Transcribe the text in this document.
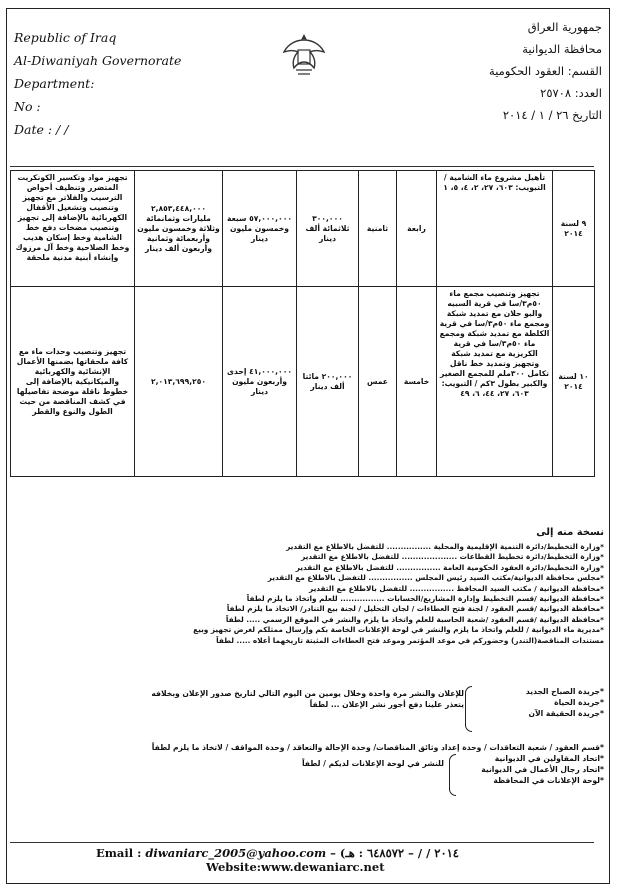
Republic of Iraq
Al-Diwaniyah Governorate
Department:
No :
Date : / /
جمهورية العراق
محافظة الديوانية
القسم: العقود الحكومية
العدد: ٢٥٧٠٨
التاريخ ٢٦ / ١ / ٢٠١٤
٩ لسنة ٢٠١٤	تأهيل مشروع ماء الشامية / التبويب: ٦٠٣، ٢٧، ٢، ٤، ٥، ١	رابعة	ثامنية	٣٠٠,٠٠٠ ثلاثمائة ألف دينار	٥٧,٠٠٠,٠٠٠ سبعة وخمسون مليون دينار	٢,٨٥٣,٤٤٨,٠٠٠ مليارات وثمانمائة وثلاثة وخمسون مليون وأربعمائة وثمانية وأربعون ألف دينار	تجهيز مواد وتكسير الكونكريت المتضرر وتنظيف أحواض الترسيب والفلاتر مع تجهيز وتنصيب وتشغيل الأقفال الكهربائية بالإضافة إلى تجهيز وتنصيب مضخات دفع خط الشامية وخط إسكان هديب وخط الصلاحية وخط آل مرزوك وإنشاء أبنية مدنية ملحقة
١٠ لسنة ٢٠١٤	تجهيز وتنصيب مجمع ماء ٥٠م٣/سا في قرية السبيه والبو حلان مع تمديد شبكة ومجمع ماء ٥٠م٣/سا في قرية الكلطة مع تمديد شبكة ومجمع ماء ٥٠م٣/سا في قرية الكريزية مع تمديد شبكة وتجهيز وتمديد خط ناقل تكامل ٣٠٠ملم للمجمع الصغير والكبير بطول ٣كم / التبويب: ٦٠٣، ٢٧، ٤٤، ٦، ٤٩	خامسة	عمس	٢٠٠,٠٠٠ مائتا ألف دينار	٤١,٠٠٠,٠٠٠ إحدى وأربعون مليون دينار	٢,٠١٣,٦٩٩,٢٥٠	تجهيز وتنصيب وحدات ماء مع كافة ملحقاتها بضمنها الأعمال الإنشائية والكهربائية والميكانيكية بالإضافة إلى خطوط ناقلة موضحة تفاصيلها في كشف المناقصة من حيث الطول والنوع والقطر
نسخة منه إلى
*وزارة التخطيط/دائرة التنمية الإقليمية والمحلية ................ للتفضل بالاطلاع مع التقدير
*وزارة التخطيط/دائرة تخطيط القطاعات .................... للتفضل بالاطلاع مع التقدير
*وزارة التخطيط/دائرة العقود الحكومية العامة ................ للتفضل بالاطلاع مع التقدير
*مجلس محافظة الديوانية/مكتب السيد رئيس المجلس ................ للتفضل بالاطلاع مع التقدير
*محافظة الديوانية / مكتب السيد المحافظ ................ للتفضل بالاطلاع مع التقدير
*محافظة الديوانية /قسم التخطيط وإدارة المشاريع/الحسابات ................ للعلم واتخاذ ما يلزم لطفاً
*محافظة الديوانية /قسم العقود / لجنة فتح العطاءات / لجان التحليل / لجنة بيع التنادر/ الاتخاذ ما يلزم لطفاً
*محافظة الديوانية /قسم العقود /شعبة الحاسبة للعلم واتخاذ ما يلزم والنشر في الموقع الرسمي ..... لطفاً
*مديرية ماء الديوانية / للعلم واتخاذ ما يلزم والنشر في لوحة الإعلانات الخاصة بكم وإرسال ممثلكم لغرض تجهيز وبيع
مستندات المناقصة(التندر) وحضوركم في موعد المؤتمر وموعد فتح العطاءات المثبتة تاريخهما أعلاه ..... لطفاً
*جريدة الصباح الجديد
*جريدة الحياة
*جريدة الحقيقة الآن
للإعلان والنشر مرة واحدة وخلال يومين من اليوم التالي لتاريخ صدور الإعلان وبخلافه
يتعذر علينا دفع أجور نشر الإعلان ... لطفاً
*قسم العقود / شعبة التعاقدات / وحدة إعداد وثائق المناقصات/ وحدة الإحالة والتعاقد / وحدة المواقف / لاتخاذ ما يلزم لطفاً
*اتحاد المقاولين في الديوانية
*اتحاد رجال الأعمال في الديوانية
*لوحة الإعلانات في المحافظة
للنشر في لوحة الإعلانات لديكم / لطفاً
Email : diwaniarc_2005@yahoo.com – (٢٠١٤ / / – ٦٤٨٥٧٢ : هـ
Website:www.dewaniarc.net
